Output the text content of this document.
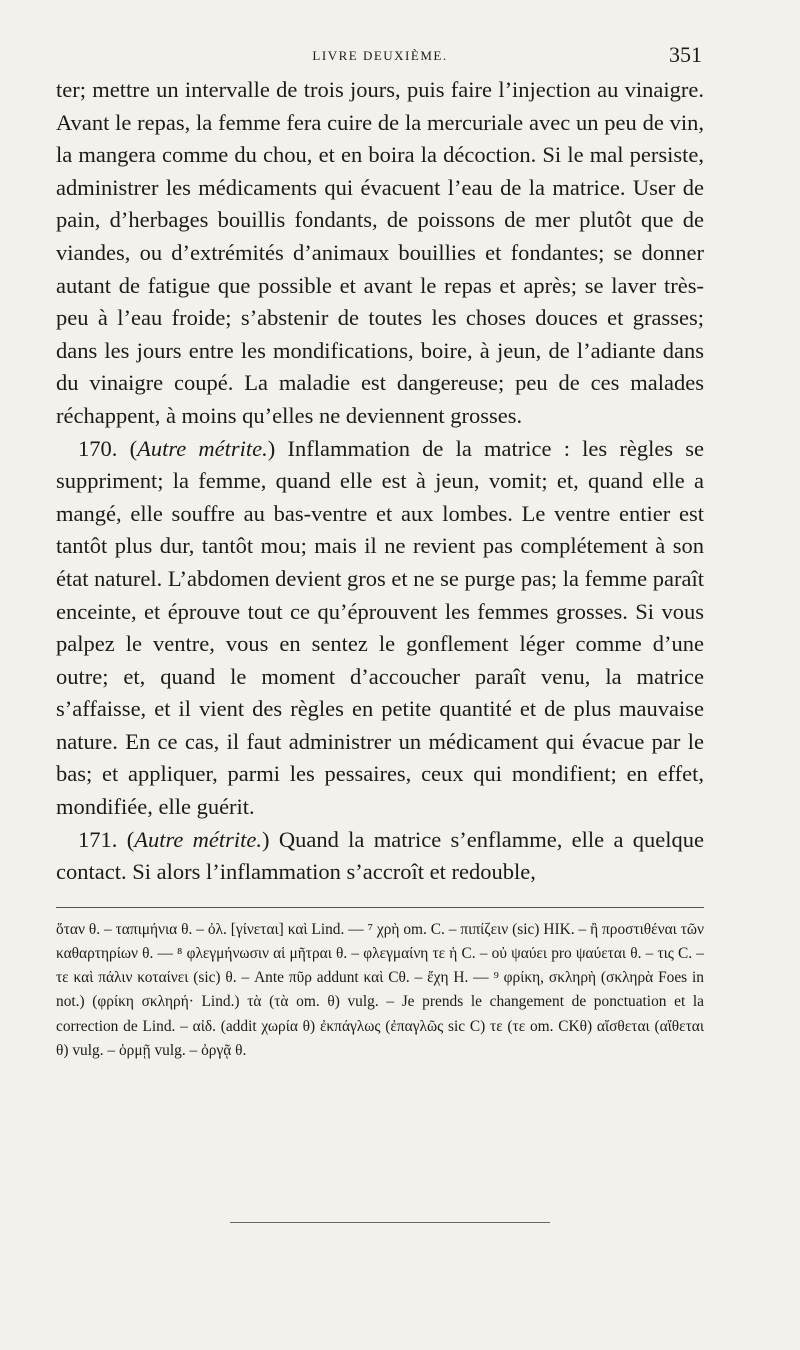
LIVRE DEUXIÈME.	351

ter; mettre un intervalle de trois jours, puis faire l’injection au vinaigre. Avant le repas, la femme fera cuire de la mercuriale avec un peu de vin, la mangera comme du chou, et en boira la décoction. Si le mal persiste, administrer les médicaments qui évacuent l’eau de la matrice. User de pain, d’herbages bouillis fondants, de poissons de mer plutôt que de viandes, ou d’extrémités d’animaux bouillies et fondantes; se donner autant de fatigue que possible et avant le repas et après; se laver très-peu à l’eau froide; s’abstenir de toutes les choses douces et grasses; dans les jours entre les mondifications, boire, à jeun, de l’adiante dans du vinaigre coupé. La maladie est dangereuse; peu de ces malades réchappent, à moins qu’elles ne deviennent grosses.

170. (Autre métrite.) Inflammation de la matrice : les règles se suppriment; la femme, quand elle est à jeun, vomit; et, quand elle a mangé, elle souffre au bas-ventre et aux lombes. Le ventre entier est tantôt plus dur, tantôt mou; mais il ne revient pas complétement à son état naturel. L’abdomen devient gros et ne se purge pas; la femme paraît enceinte, et éprouve tout ce qu’éprouvent les femmes grosses. Si vous palpez le ventre, vous en sentez le gonflement léger comme d’une outre; et, quand le moment d’accoucher paraît venu, la matrice s’affaisse, et il vient des règles en petite quantité et de plus mauvaise nature. En ce cas, il faut administrer un médicament qui évacue par le bas; et appliquer, parmi les pessaires, ceux qui mondifient; en effet, mondifiée, elle guérit.

171. (Autre métrite.) Quand la matrice s’enflamme, elle a quelque contact. Si alors l’inflammation s’accroît et redouble,

ὅταν θ. – ταπιμήνια θ. – ὀλ. [γίνεται] καὶ Lind. — ⁷ χρὴ om. C. – πιπίζειν (sic) HIK. – ἢ προστιθέναι τῶν καθαρτηρίων θ. — ⁸ φλεγμήνωσιν αἱ μῆτραι θ. – φλεγμαίνη τε ἡ C. – οὐ ψαύει pro ψαύεται θ. – τις C. – τε καὶ πάλιν κοταίνει (sic) θ. – Ante πῦρ addunt καὶ Cθ. – ἔχη H. — ⁹ φρίκη, σκληρὴ (σκληρὰ Foes in not.) (φρίκη σκληρή· Lind.) τὰ (τὰ om. θ) vulg. – Je prends le changement de ponctuation et la correction de Lind. – αἰδ. (addit χωρία θ) ἐκπάγλως (ἐπαγλῶς sic C) τε (τε om. CKθ) αἴσθεται (αἴθεται θ) vulg. – ὁρμῇ vulg. – ὀργᾷ θ.
